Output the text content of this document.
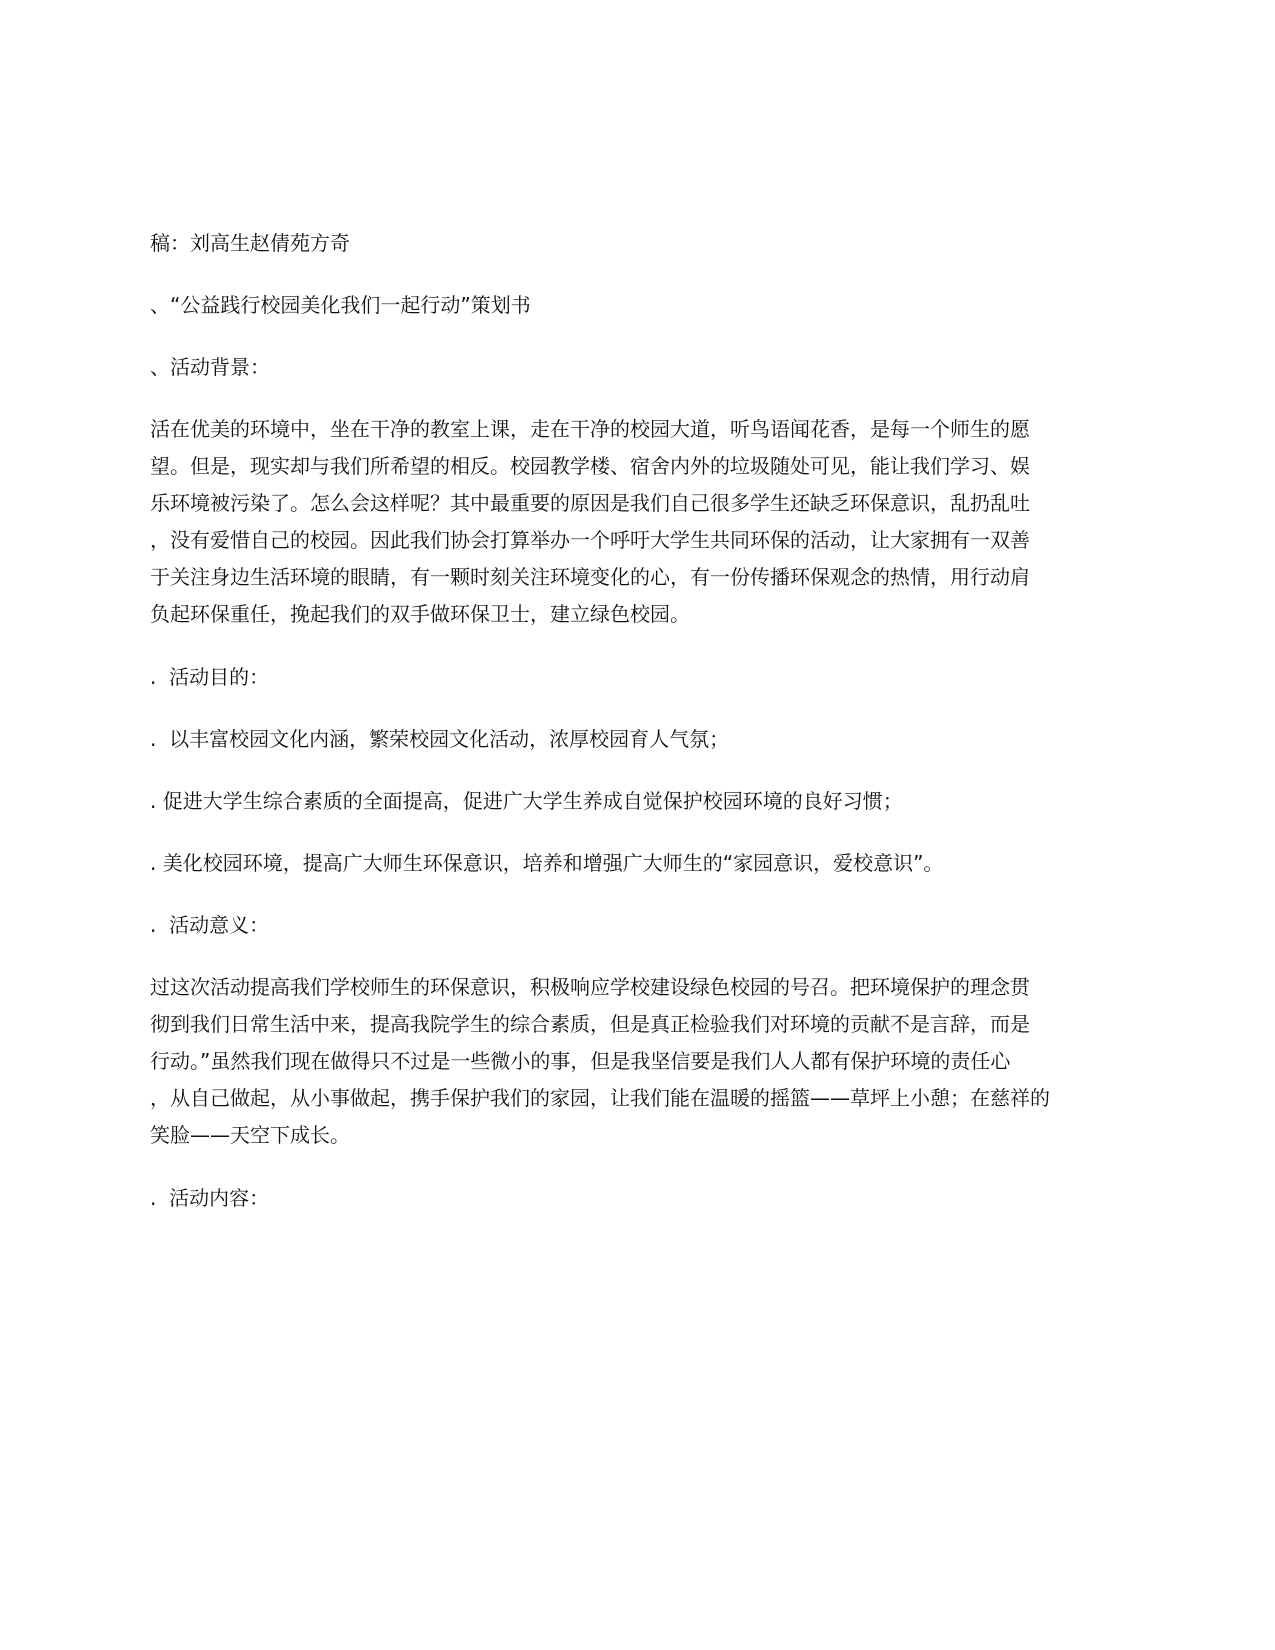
稿：刘高生赵倩苑方奇

、“公益践行校园美化我们一起行动”策划书

、活动背景：

活在优美的环境中，坐在干净的教室上课，走在干净的校园大道，听鸟语闻花香，是每一个师生的愿
望。但是，现实却与我们所希望的相反。校园教学楼、宿舍内外的垃圾随处可见，能让我们学习、娱
乐环境被污染了。怎么会这样呢？其中最重要的原因是我们自己很多学生还缺乏环保意识，乱扔乱吐
，没有爱惜自己的校园。因此我们协会打算举办一个呼吁大学生共同环保的活动，让大家拥有一双善
于关注身边生活环境的眼睛，有一颗时刻关注环境变化的心，有一份传播环保观念的热情，用行动肩
负起环保重任，挽起我们的双手做环保卫士，建立绿色校园。

.  活动目的：

.  以丰富校园文化内涵，繁荣校园文化活动，浓厚校园育人气氛；

. 促进大学生综合素质的全面提高，促进广大学生养成自觉保护校园环境的良好习惯；

. 美化校园环境，提高广大师生环保意识，培养和增强广大师生的“家园意识，爱校意识”。

.  活动意义：

过这次活动提高我们学校师生的环保意识，积极响应学校建设绿色校园的号召。把环境保护的理念贯
彻到我们日常生活中来，提高我院学生的综合素质，但是真正检验我们对环境的贡献不是言辞，而是
行动。”虽然我们现在做得只不过是一些微小的事，但是我坚信要是我们人人都有保护环境的责任心
，从自己做起，从小事做起，携手保护我们的家园，让我们能在温暖的摇篮——草坪上小憩；在慈祥的
笑脸——天空下成长。

.  活动内容：
